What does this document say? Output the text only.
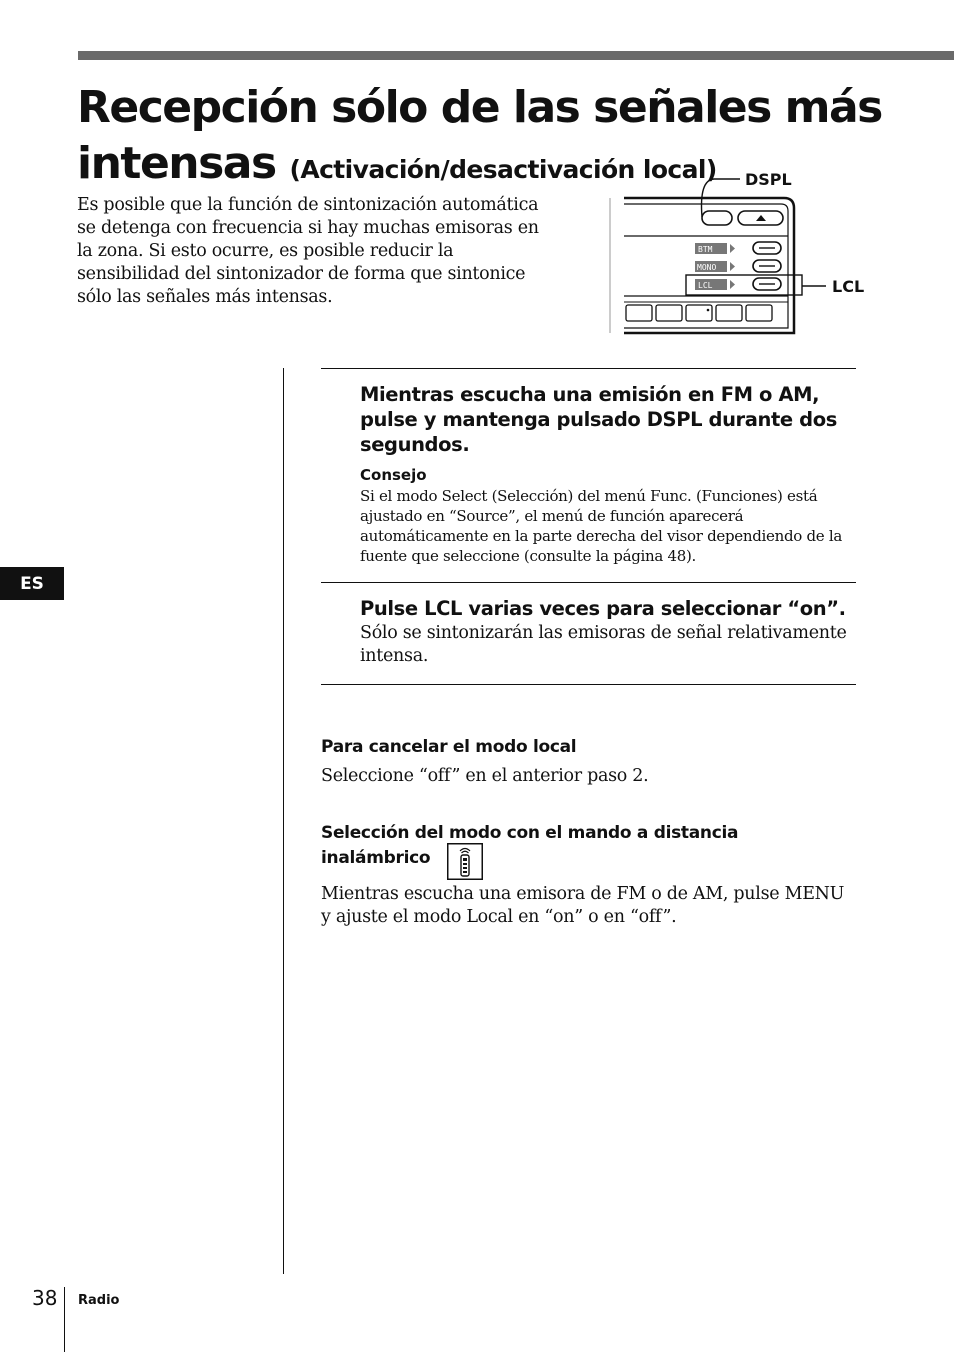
Recepción sólo de las señales más
intensas (Activación/desactivación local)

Es posible que la función de sintonización automática se detenga con frecuencia si hay muchas emisoras en la zona. Si esto ocurre, es posible reducir la sensibilidad del sintonizador de forma que sintonice sólo las señales más intensas.

BTM
MONO
LCL
DSPL
LCL
ES
Mientras escucha una emisión en FM o AM, pulse y mantenga pulsado DSPL durante dos segundos.
Consejo

Si el modo Select (Selección) del menú Func. (Funciones) está ajustado en “Source”, el menú de función aparecerá automáticamente en la parte derecha del visor dependiendo de la fuente que seleccione (consulte la página 48).

Pulse LCL varias veces para seleccionar “on”.

Sólo se sintonizarán las emisoras de señal relativamente intensa.

Para cancelar el modo local

Seleccione “off” en el anterior paso 2.

Selección del modo con el mando a distancia
inalámbrico

Mientras escucha una emisora de FM o de AM, pulse MENU y ajuste el modo Local en “on” o en “off”.

38 Radio
